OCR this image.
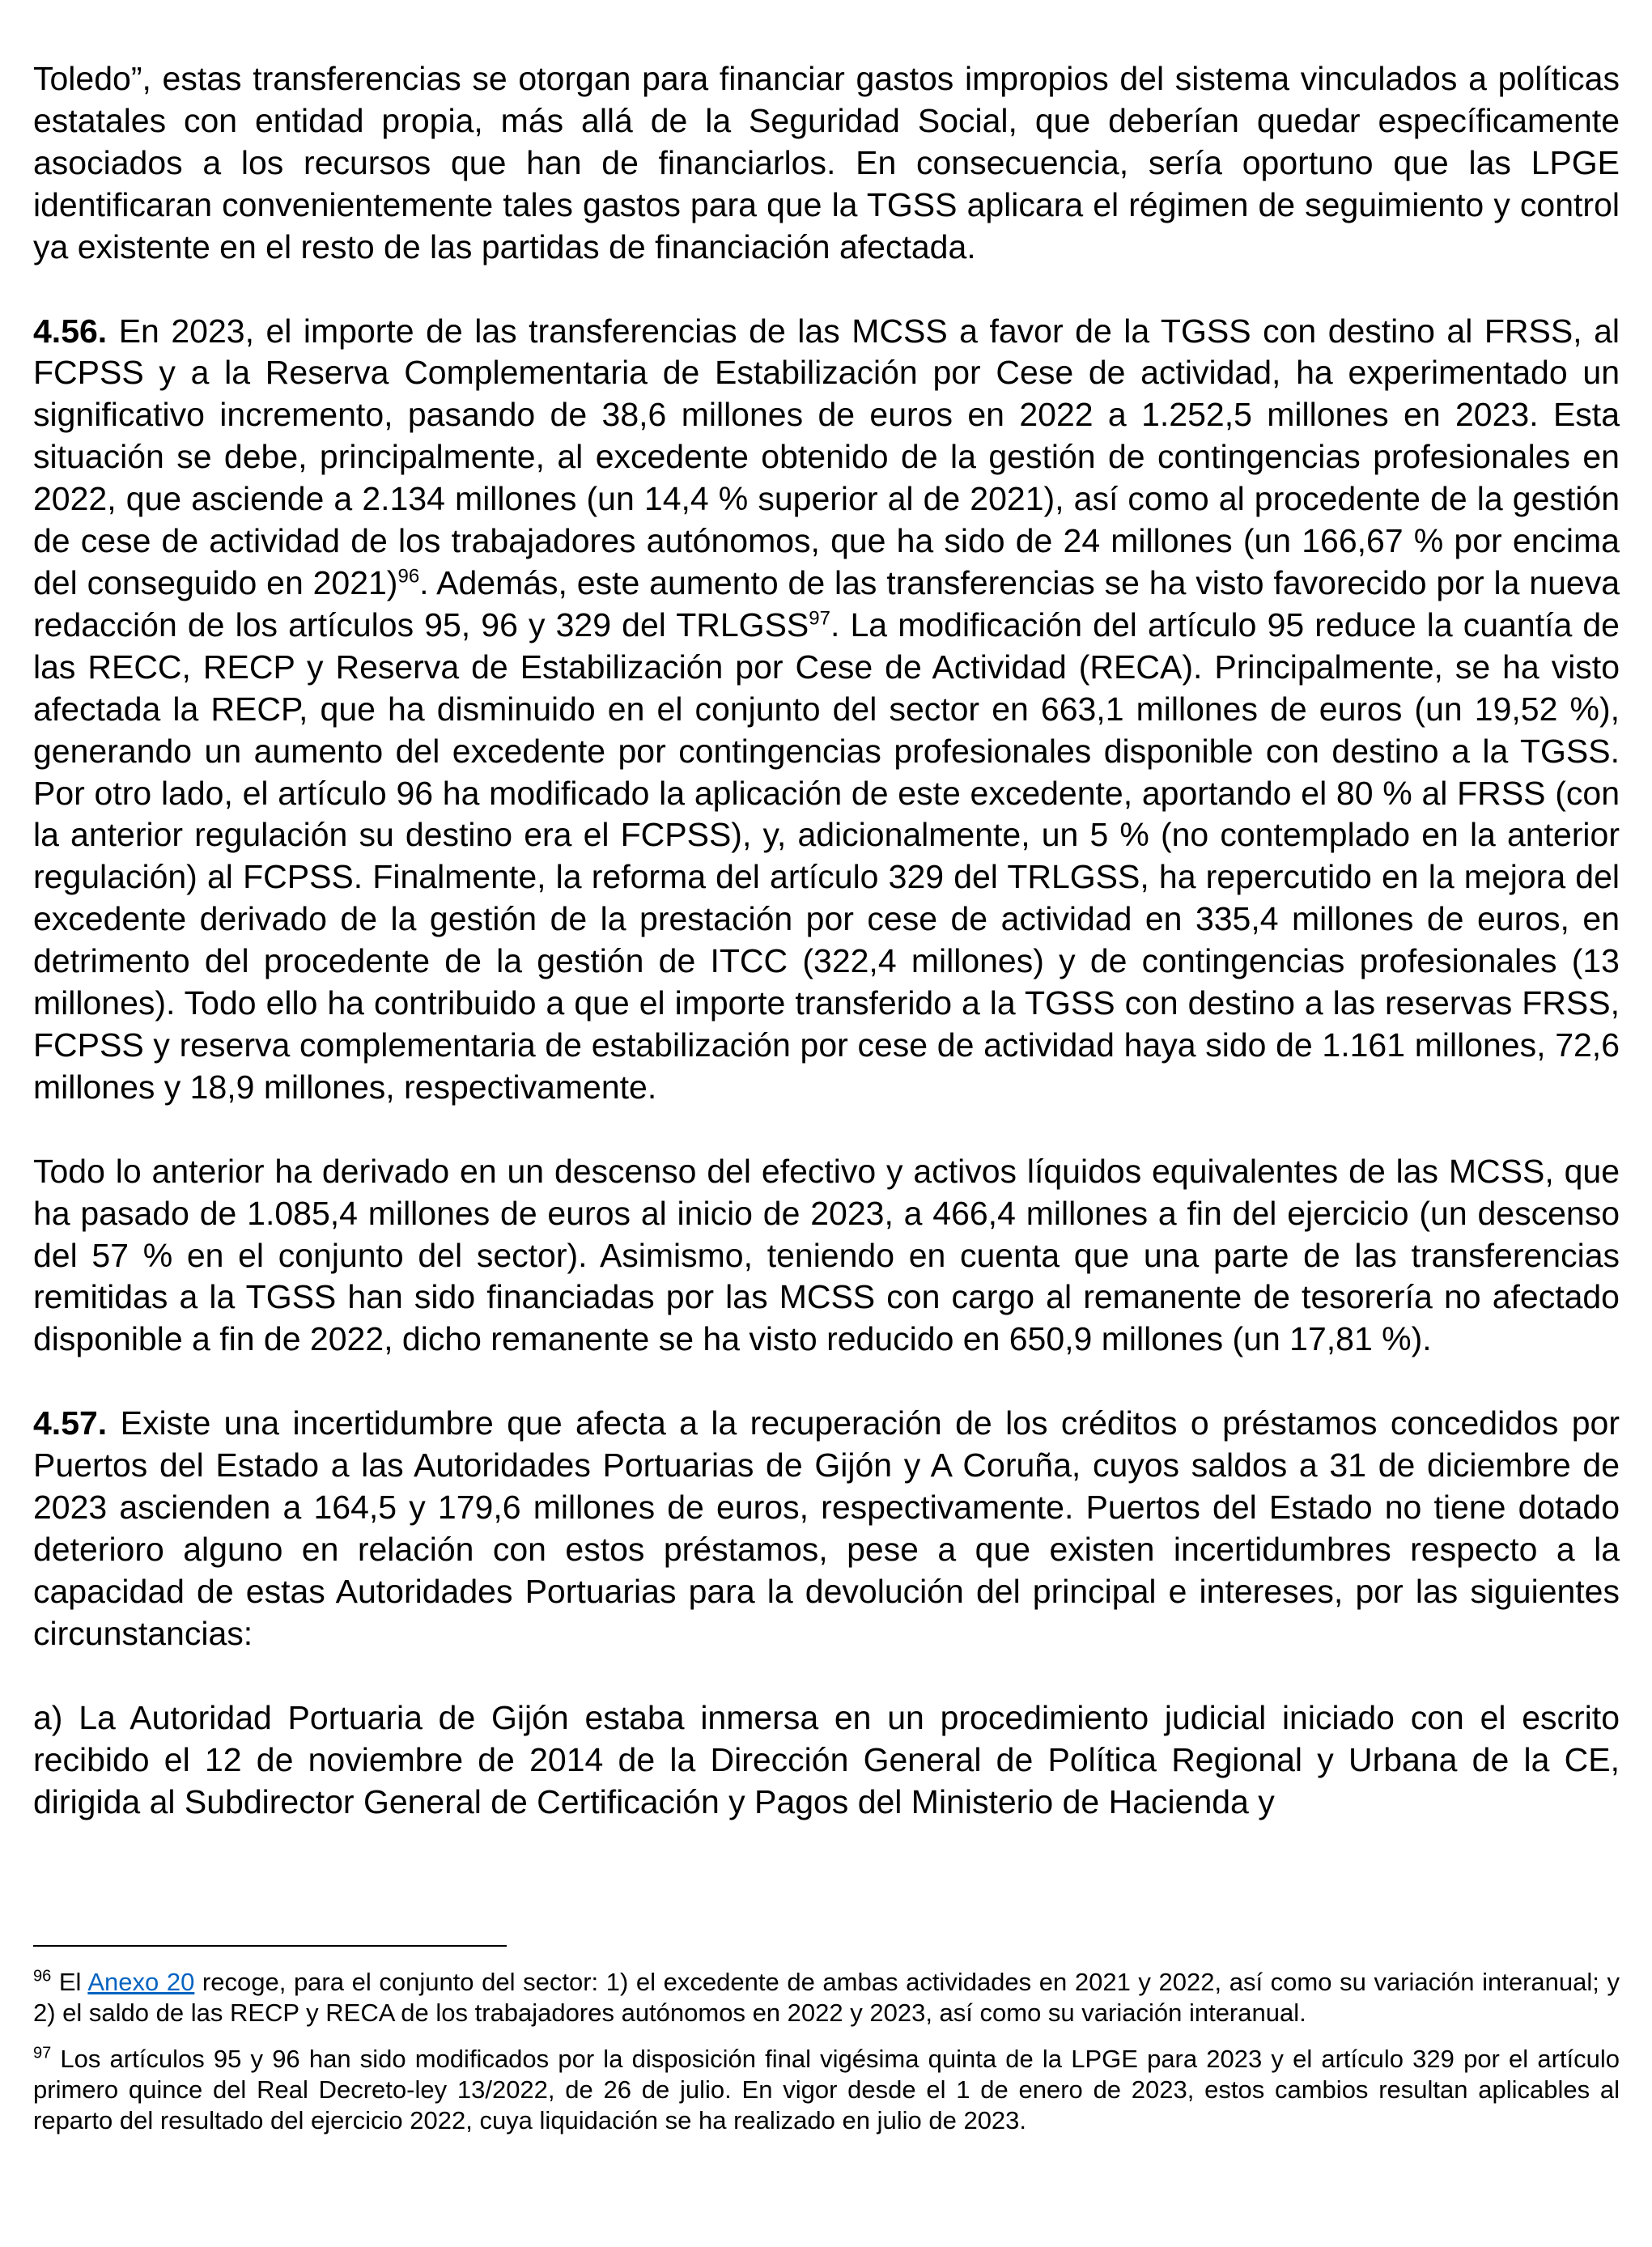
Toledo”, estas transferencias se otorgan para financiar gastos impropios del sistema vinculados a políticas estatales con entidad propia, más allá de la Seguridad Social, que deberían quedar específicamente asociados a los recursos que han de financiarlos. En consecuencia, sería oportuno que las LPGE identificaran convenientemente tales gastos para que la TGSS aplicara el régimen de seguimiento y control ya existente en el resto de las partidas de financiación afectada.

4.56. En 2023, el importe de las transferencias de las MCSS a favor de la TGSS con destino al FRSS, al FCPSS y a la Reserva Complementaria de Estabilización por Cese de actividad, ha experimentado un significativo incremento, pasando de 38,6 millones de euros en 2022 a 1.252,5 millones en 2023. Esta situación se debe, principalmente, al excedente obtenido de la gestión de contingencias profesionales en 2022, que asciende a 2.134 millones (un 14,4 % superior al de 2021), así como al procedente de la gestión de cese de actividad de los trabajadores autónomos, que ha sido de 24 millones (un 166,67 % por encima del conseguido en 2021)$^{96}$. Además, este aumento de las transferencias se ha visto favorecido por la nueva redacción de los artículos 95, 96 y 329 del TRLGSS$^{97}$. La modificación del artículo 95 reduce la cuantía de las RECC, RECP y Reserva de Estabilización por Cese de Actividad (RECA). Principalmente, se ha visto afectada la RECP, que ha disminuido en el conjunto del sector en 663,1 millones de euros (un 19,52 %), generando un aumento del excedente por contingencias profesionales disponible con destino a la TGSS. Por otro lado, el artículo 96 ha modificado la aplicación de este excedente, aportando el 80 % al FRSS (con la anterior regulación su destino era el FCPSS), y, adicionalmente, un 5 % (no contemplado en la anterior regulación) al FCPSS. Finalmente, la reforma del artículo 329 del TRLGSS, ha repercutido en la mejora del excedente derivado de la gestión de la prestación por cese de actividad en 335,4 millones de euros, en detrimento del procedente de la gestión de ITCC (322,4 millones) y de contingencias profesionales (13 millones). Todo ello ha contribuido a que el importe transferido a la TGSS con destino a las reservas FRSS, FCPSS y reserva complementaria de estabilización por cese de actividad haya sido de 1.161 millones, 72,6 millones y 18,9 millones, respectivamente.

Todo lo anterior ha derivado en un descenso del efectivo y activos líquidos equivalentes de las MCSS, que ha pasado de 1.085,4 millones de euros al inicio de 2023, a 466,4 millones a fin del ejercicio (un descenso del 57 % en el conjunto del sector). Asimismo, teniendo en cuenta que una parte de las transferencias remitidas a la TGSS han sido financiadas por las MCSS con cargo al remanente de tesorería no afectado disponible a fin de 2022, dicho remanente se ha visto reducido en 650,9 millones (un 17,81 %).

4.57. Existe una incertidumbre que afecta a la recuperación de los créditos o préstamos concedidos por Puertos del Estado a las Autoridades Portuarias de Gijón y A Coruña, cuyos saldos a 31 de diciembre de 2023 ascienden a 164,5 y 179,6 millones de euros, respectivamente. Puertos del Estado no tiene dotado deterioro alguno en relación con estos préstamos, pese a que existen incertidumbres respecto a la capacidad de estas Autoridades Portuarias para la devolución del principal e intereses, por las siguientes circunstancias:

a) La Autoridad Portuaria de Gijón estaba inmersa en un procedimiento judicial iniciado con el escrito recibido el 12 de noviembre de 2014 de la Dirección General de Política Regional y Urbana de la CE, dirigida al Subdirector General de Certificación y Pagos del Ministerio de Hacienda y

$^{96}$ El Anexo 20 recoge, para el conjunto del sector: 1) el excedente de ambas actividades en 2021 y 2022, así como su variación interanual; y 2) el saldo de las RECP y RECA de los trabajadores autónomos en 2022 y 2023, así como su variación interanual.

$^{97}$ Los artículos 95 y 96 han sido modificados por la disposición final vigésima quinta de la LPGE para 2023 y el artículo 329 por el artículo primero quince del Real Decreto-ley 13/2022, de 26 de julio. En vigor desde el 1 de enero de 2023, estos cambios resultan aplicables al reparto del resultado del ejercicio 2022, cuya liquidación se ha realizado en julio de 2023.
